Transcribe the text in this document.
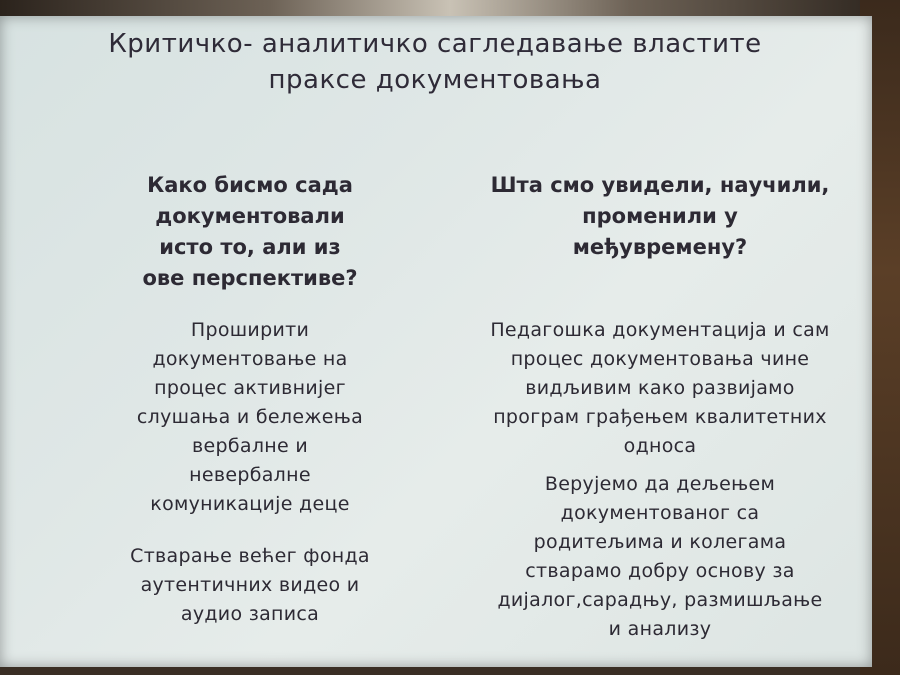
Критичко- аналитичко сагледавање властите
праксе документовања

Како бисмо сада
документовали
исто то, али из
ове перспективе?

Проширити
документовање на
процес активнијег
слушања и бележења
вербалне и
невербалне
комуникације деце

Стварање већег фонда
аутентичних видео и
аудио записа

Шта смо увидели, научили,
променили у
међувремену?

Педагошка документација и сам
процес документовања чине
видљивим како развијамо
програм грађењем квалитетних
односа

Верујемо да дељењем
документованог са
родитељима и колегама
стварамо добру основу за
дијалог,сарадњу, размишљање
и анализу
